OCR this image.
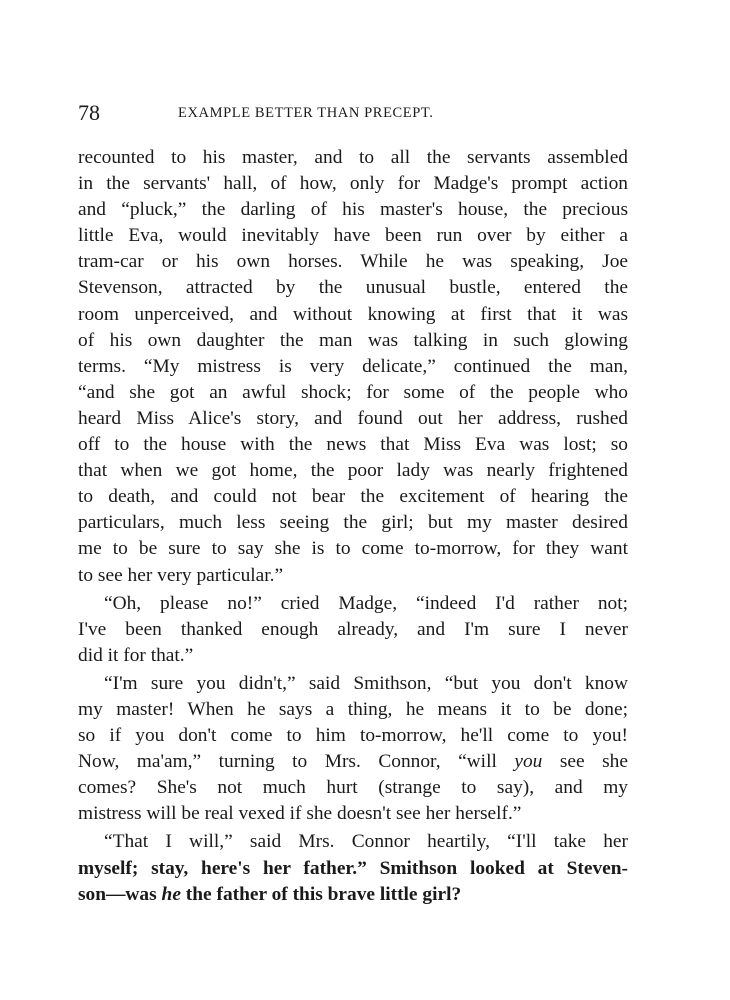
78	EXAMPLE BETTER THAN PRECEPT.
recounted to his master, and to all the servants assembled
in the servants' hall, of how, only for Madge's prompt action
and “pluck,” the darling of his master's house, the precious
little Eva, would inevitably have been run over by either a
tram-car or his own horses. While he was speaking, Joe
Stevenson, attracted by the unusual bustle, entered the
room unperceived, and without knowing at first that it was
of his own daughter the man was talking in such glowing
terms. “My mistress is very delicate,” continued the man,
“and she got an awful shock; for some of the people who
heard Miss Alice's story, and found out her address, rushed
off to the house with the news that Miss Eva was lost; so
that when we got home, the poor lady was nearly frightened
to death, and could not bear the excitement of hearing the
particulars, much less seeing the girl; but my master desired
me to be sure to say she is to come to-morrow, for they want
to see her very particular.”
“Oh, please no!” cried Madge, “indeed I'd rather not;
I've been thanked enough already, and I'm sure I never
did it for that.”
“I'm sure you didn't,” said Smithson, “but you don't know
my master! When he says a thing, he means it to be done;
so if you don't come to him to-morrow, he'll come to you!
Now, ma'am,” turning to Mrs. Connor, “will you see she
comes? She's not much hurt (strange to say), and my
mistress will be real vexed if she doesn't see her herself.”
“That I will,” said Mrs. Connor heartily, “I'll take her
myself; stay, here's her father.” Smithson looked at Steven-
son—was he the father of this brave little girl?
